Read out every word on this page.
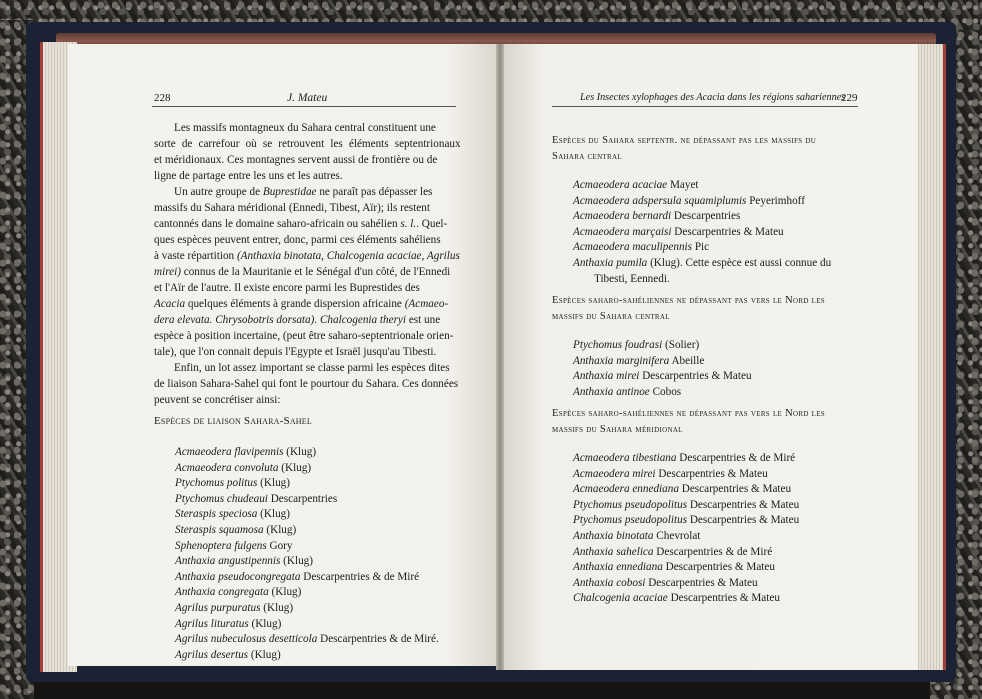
228	J. Mateu
Les massifs montagneux du Sahara central constituent une
sorte de carrefour où se retrouvent les éléments septentrionaux
et méridionaux. Ces montagnes servent aussi de frontière ou de
ligne de partage entre les uns et les autres.
Un autre groupe de Buprestidae ne paraît pas dépasser les
massifs du Sahara méridional (Ennedi, Tibest, Aïr); ils restent
cantonnés dans le domaine saharo-africain ou sahélien s. l.. Quel-
ques espèces peuvent entrer, donc, parmi ces éléments sahéliens
à vaste répartition (Anthaxia binotata, Chalcogenia acaciae, Agrilus
mirei) connus de la Mauritanie et le Sénégal d'un côté, de l'Ennedi
et l'Aïr de l'autre. Il existe encore parmi les Buprestides des
Acacia quelques éléments à grande dispersion africaine (Acmaeo-
dera elevata. Chrysobotris dorsata). Chalcogenia theryi est une
espèce à position incertaine, (peut être saharo-septentrionale orien-
tale), que l'on connait depuis l'Egypte et Israël jusqu'au Tibesti.
Enfin, un lot assez important se classe parmi les espèces dites
de liaison Sahara-Sahel qui font le pourtour du Sahara. Ces données
peuvent se concrétiser ainsi:
Espèces de liaison Sahara-Sahel
Acmaeodera flavipennis (Klug)
Acmaeodera convoluta (Klug)
Ptychomus politus (Klug)
Ptychomus chudeaui Descarpentries
Steraspis speciosa (Klug)
Steraspis squamosa (Klug)
Sphenoptera fulgens Gory
Anthaxia angustipennis (Klug)
Anthaxia pseudocongregata Descarpentries & de Miré
Anthaxia congregata (Klug)
Agrilus purpuratus (Klug)
Agrilus lituratus (Klug)
Agrilus nubeculosus desetticola Descarpentries & de Miré.
Agrilus desertus (Klug)
Les Insectes xylophages des Acacia dans les régions sahariennes
229
Espèces du Sahara septentr. ne dépassant pas les massifs du
Sahara central
Acmaeodera acaciae Mayet
Acmaeodera adspersula squamiplumis Peyerimhoff
Acmaeodera bernardi Descarpentries
Acmaeodera marçaisi Descarpentries & Mateu
Acmaeodera maculipennis Pic
Anthaxia pumila (Klug). Cette espèce est aussi connue du
Tibesti, Eennedi.
Espèces saharo-sahéliennes ne dépassant pas vers le Nord les
massifs du Sahara central
Ptychomus foudrasi (Solier)
Anthaxia marginifera Abeille
Anthaxia mirei Descarpentries & Mateu
Anthaxia antinoe Cobos
Espèces saharo-sahéliennes ne dépassant pas vers le Nord les
massifs du Sahara méridional
Acmaeodera tibestiana Descarpentries & de Miré
Acmaeodera mirei Descarpentries & Mateu
Acmaeodera ennediana Descarpentries & Mateu
Ptychomus pseudopolitus Descarpentries & Mateu
Ptychomus pseudopolitus Descarpentries & Mateu
Anthaxia binotata Chevrolat
Anthaxia sahelica Descarpentries & de Miré
Anthaxia ennediana Descarpentries & Mateu
Anthaxia cobosi Descarpentries & Mateu
Chalcogenia acaciae Descarpentries & Mateu
